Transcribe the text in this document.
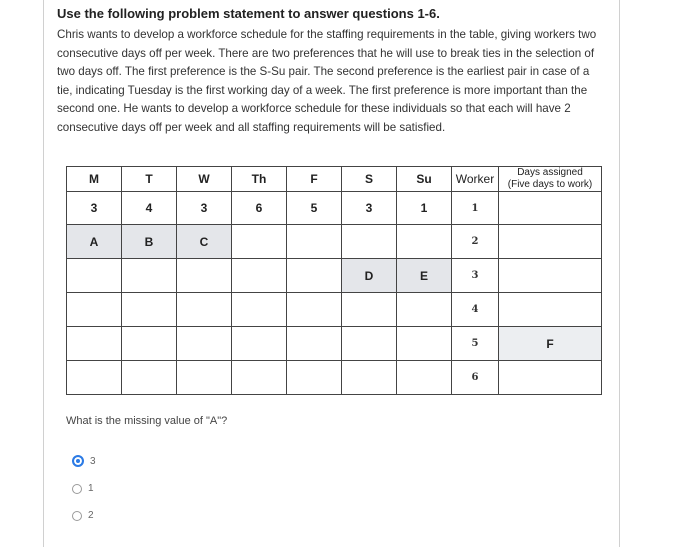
Use the following problem statement to answer questions 1-6.
Chris wants to develop a workforce schedule for the staffing requirements in the table, giving workers two consecutive days off per week. There are two preferences that he will use to break ties in the selection of two days off. The first preference is the S-Su pair. The second preference is the earliest pair in case of a tie, indicating Tuesday is the first working day of a week. The first preference is more important than the second one. He wants to develop a workforce schedule for these individuals so that each will have 2 consecutive days off per week and all staffing requirements will be satisfied.
M	T	W	Th	F	S	Su	Worker	Days assigned
(Five days to work)

3	4	3	6	5	3	1	1	
A	B	C					2	
					D	E	3	
							4	
							5	F
							6	
What is the missing value of "A"?
3
1
2
